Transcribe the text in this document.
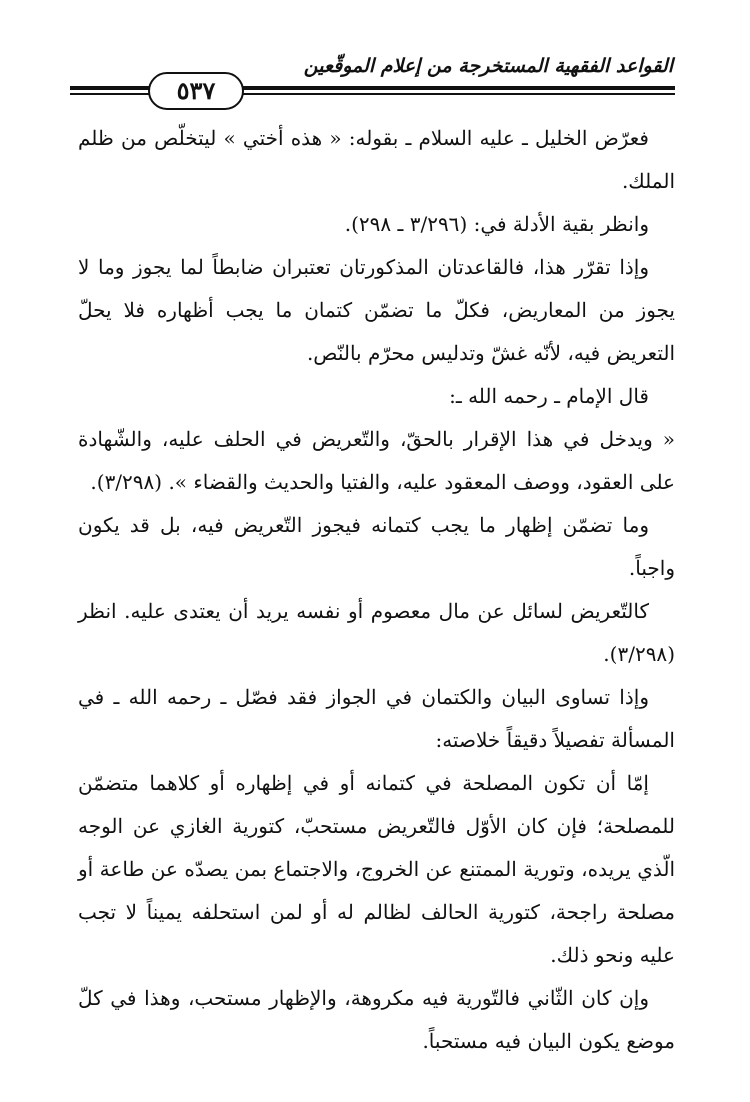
القواعد الفقهية المستخرجة من إعلام الموقّعين
٥٣٧

فعرّض الخليل ـ عليه السلام ـ بقوله: « هذه أختي » ليتخلّص من ظلم الملك.

وانظر بقية الأدلة في: (٣/٢٩٦ ـ ٢٩٨).

وإذا تقرّر هذا، فالقاعدتان المذكورتان تعتبران ضابطاً لما يجوز وما لا يجوز من المعاريض، فكلّ ما تضمّن كتمان ما يجب أظهاره فلا يحلّ التعريض فيه، لأنّه غشّ وتدليس محرّم بالنّص.

قال الإمام ـ رحمه الله ـ:

« ويدخل في هذا الإقرار بالحقّ، والتّعريض في الحلف عليه، والشّهادة على العقود، ووصف المعقود عليه، والفتيا والحديث والقضاء ». (٣/٢٩٨).

وما تضمّن إظهار ما يجب كتمانه فيجوز التّعريض فيه، بل قد يكون واجباً.

كالتّعريض لسائل عن مال معصوم أو نفسه يريد أن يعتدى عليه. انظر (٣/٢٩٨).

وإذا تساوى البيان والكتمان في الجواز فقد فصّل ـ رحمه الله ـ في المسألة تفصيلاً دقيقاً خلاصته:

إمّا أن تكون المصلحة في كتمانه أو في إظهاره أو كلاهما متضمّن للمصلحة؛ فإن كان الأوّل فالتّعريض مستحبّ، كتورية الغازي عن الوجه الّذي يريده، وتورية الممتنع عن الخروج، والاجتماع بمن يصدّه عن طاعة أو مصلحة راجحة، كتورية الحالف لظالم له أو لمن استحلفه يميناً لا تجب عليه ونحو ذلك.

وإن كان الثّاني فالتّورية فيه مكروهة، والإظهار مستحب، وهذا في كلّ موضع يكون البيان فيه مستحباً.
